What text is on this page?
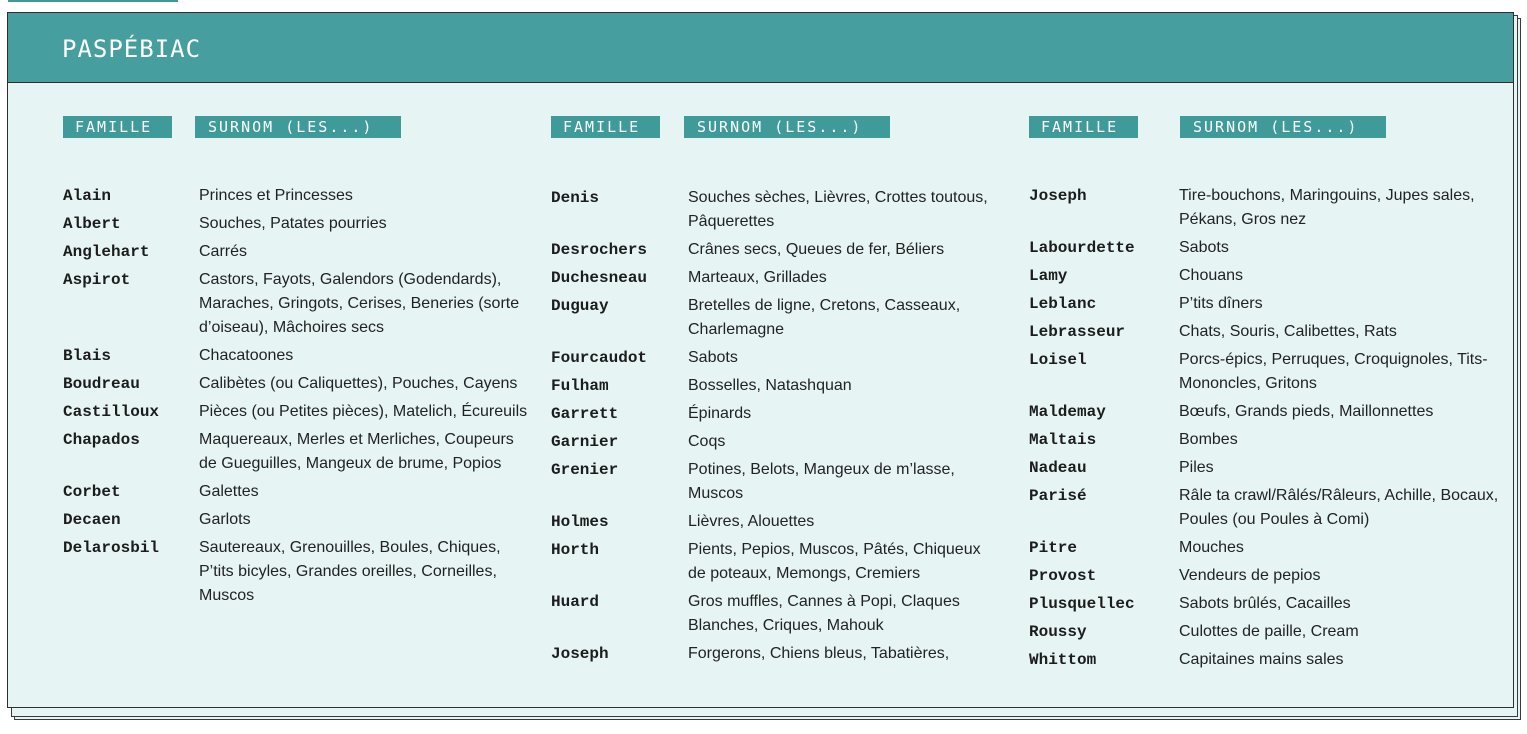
PASPÉBIAC
FAMILLE	SURNOM (LES...)
Alain	Princes et Princesses
Albert	Souches, Patates pourries
Anglehart	Carrés
Aspirot	Castors, Fayots, Galendors (Godendards), Maraches, Gringots, Cerises, Beneries (sorte d’oiseau), Mâchoires secs
Blais	Chacatoones
Boudreau	Calibètes (ou Caliquettes), Pouches, Cayens
Castilloux	Pièces (ou Petites pièces), Matelich, Écureuils
Chapados	Maquereaux, Merles et Merliches, Coupeurs de Gueguilles, Mangeux de brume, Popios
Corbet	Galettes
Decaen	Garlots
Delarosbil	Sautereaux, Grenouilles, Boules, Chiques, P’tits bicyles, Grandes oreilles, Corneilles, Muscos
FAMILLE	SURNOM (LES...)
Denis	Souches sèches, Lièvres, Crottes toutous, Pâquerettes
Desrochers	Crânes secs, Queues de fer, Béliers
Duchesneau	Marteaux, Grillades
Duguay	Bretelles de ligne, Cretons, Casseaux, Charlemagne
Fourcaudot	Sabots
Fulham	Bosselles, Natashquan
Garrett	Épinards
Garnier	Coqs
Grenier	Potines, Belots, Mangeux de m’lasse, Muscos
Holmes	Lièvres, Alouettes
Horth	Pients, Pepios, Muscos, Pâtés, Chiqueux de poteaux, Memongs, Cremiers
Huard	Gros muffles, Cannes à Popi, Claques Blanches, Criques, Mahouk
Joseph	Forgerons, Chiens bleus, Tabatières,
FAMILLE	SURNOM (LES...)
Joseph	Tire-bouchons, Maringouins, Jupes sales, Pékans, Gros nez
Labourdette	Sabots
Lamy	Chouans
Leblanc	P’tits dîners
Lebrasseur	Chats, Souris, Calibettes, Rats
Loisel	Porcs-épics, Perruques, Croquignoles, Tits-Mononcles, Gritons
Maldemay	Bœufs, Grands pieds, Maillonnettes
Maltais	Bombes
Nadeau	Piles
Parisé	Râle ta crawl/Râlés/Râleurs, Achille, Bocaux, Poules (ou Poules à Comi)
Pitre	Mouches
Provost	Vendeurs de pepios
Plusquellec	Sabots brûlés, Cacailles
Roussy	Culottes de paille, Cream
Whittom	Capitaines mains sales
